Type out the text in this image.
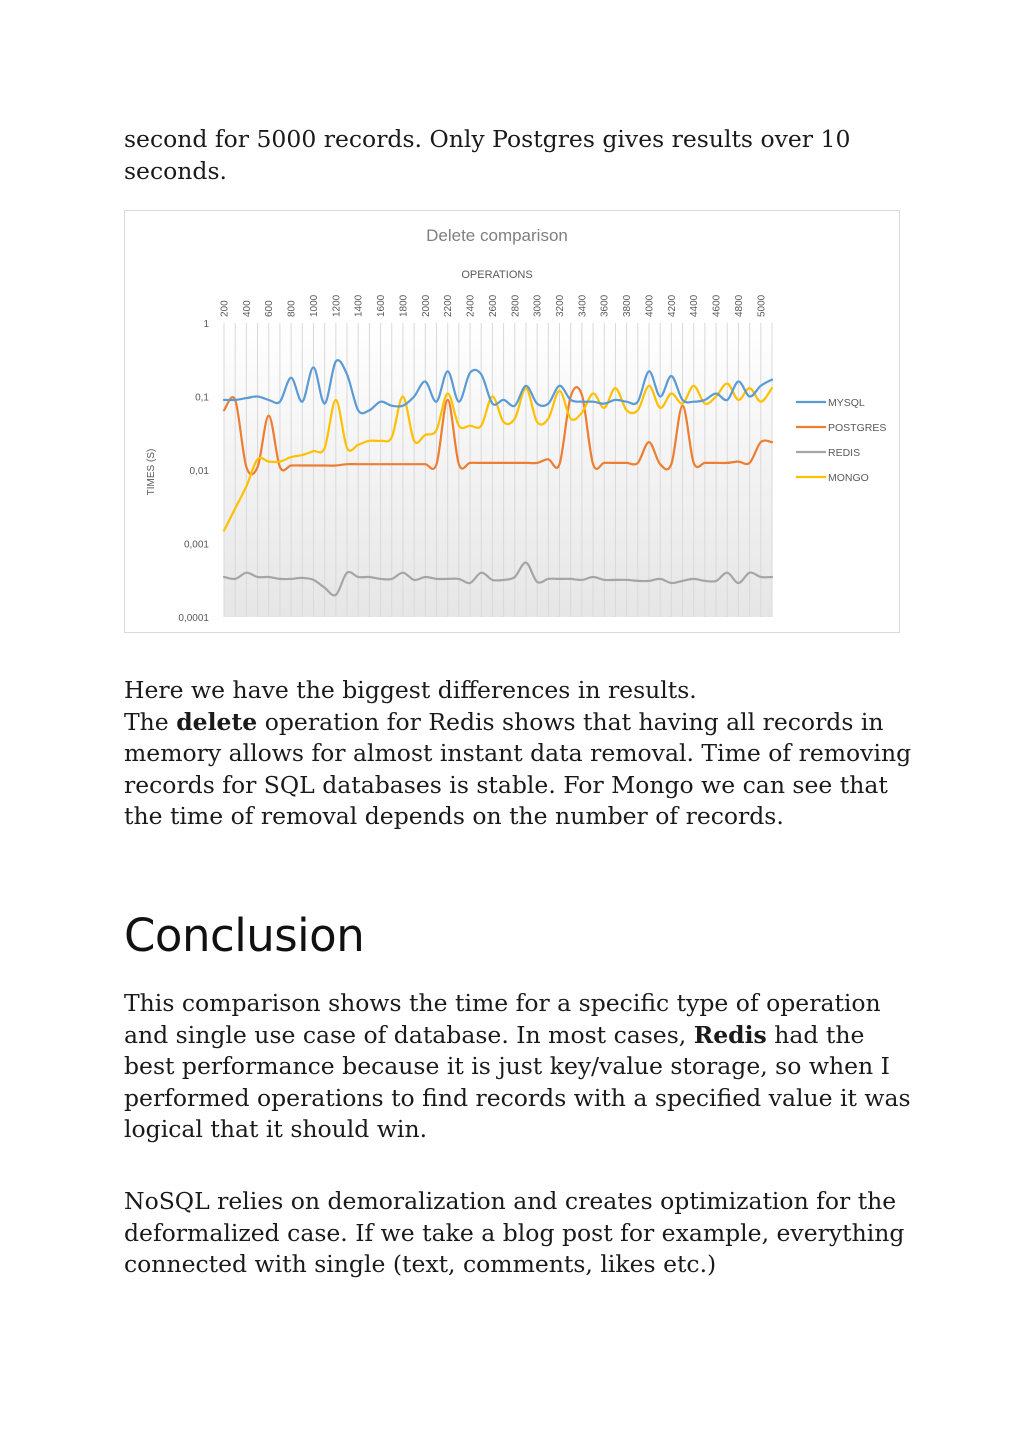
second for 5000 records. Only Postgres gives results over 10 seconds.

1
0,1
0,01
0,001
0,0001
200 400 600 800 1000 1200 1400 1600 1800 2000 2200 2400 2600 2800 3000 3200 3400 3600 3800 4000 4200 4400 4600 4800 5000
MYSQL
POSTGRES
REDIS
MONGO
Delete comparison
OPERATIONS
TIMES (S)
Here we have the biggest differences in results.
The delete operation for Redis shows that having all records in memory allows for almost instant data removal. Time of removing records for SQL databases is stable. For Mongo we can see that the time of removal depends on the number of records.
Conclusion

This comparison shows the time for a specific type of operation and single use case of database. In most cases, Redis had the best performance because it is just key/value storage, so when I performed operations to find records with a specified value it was logical that it should win.

NoSQL relies on demoralization and creates optimization for the deformalized case. If we take a blog post for example, everything connected with single (text, comments, likes etc.)
